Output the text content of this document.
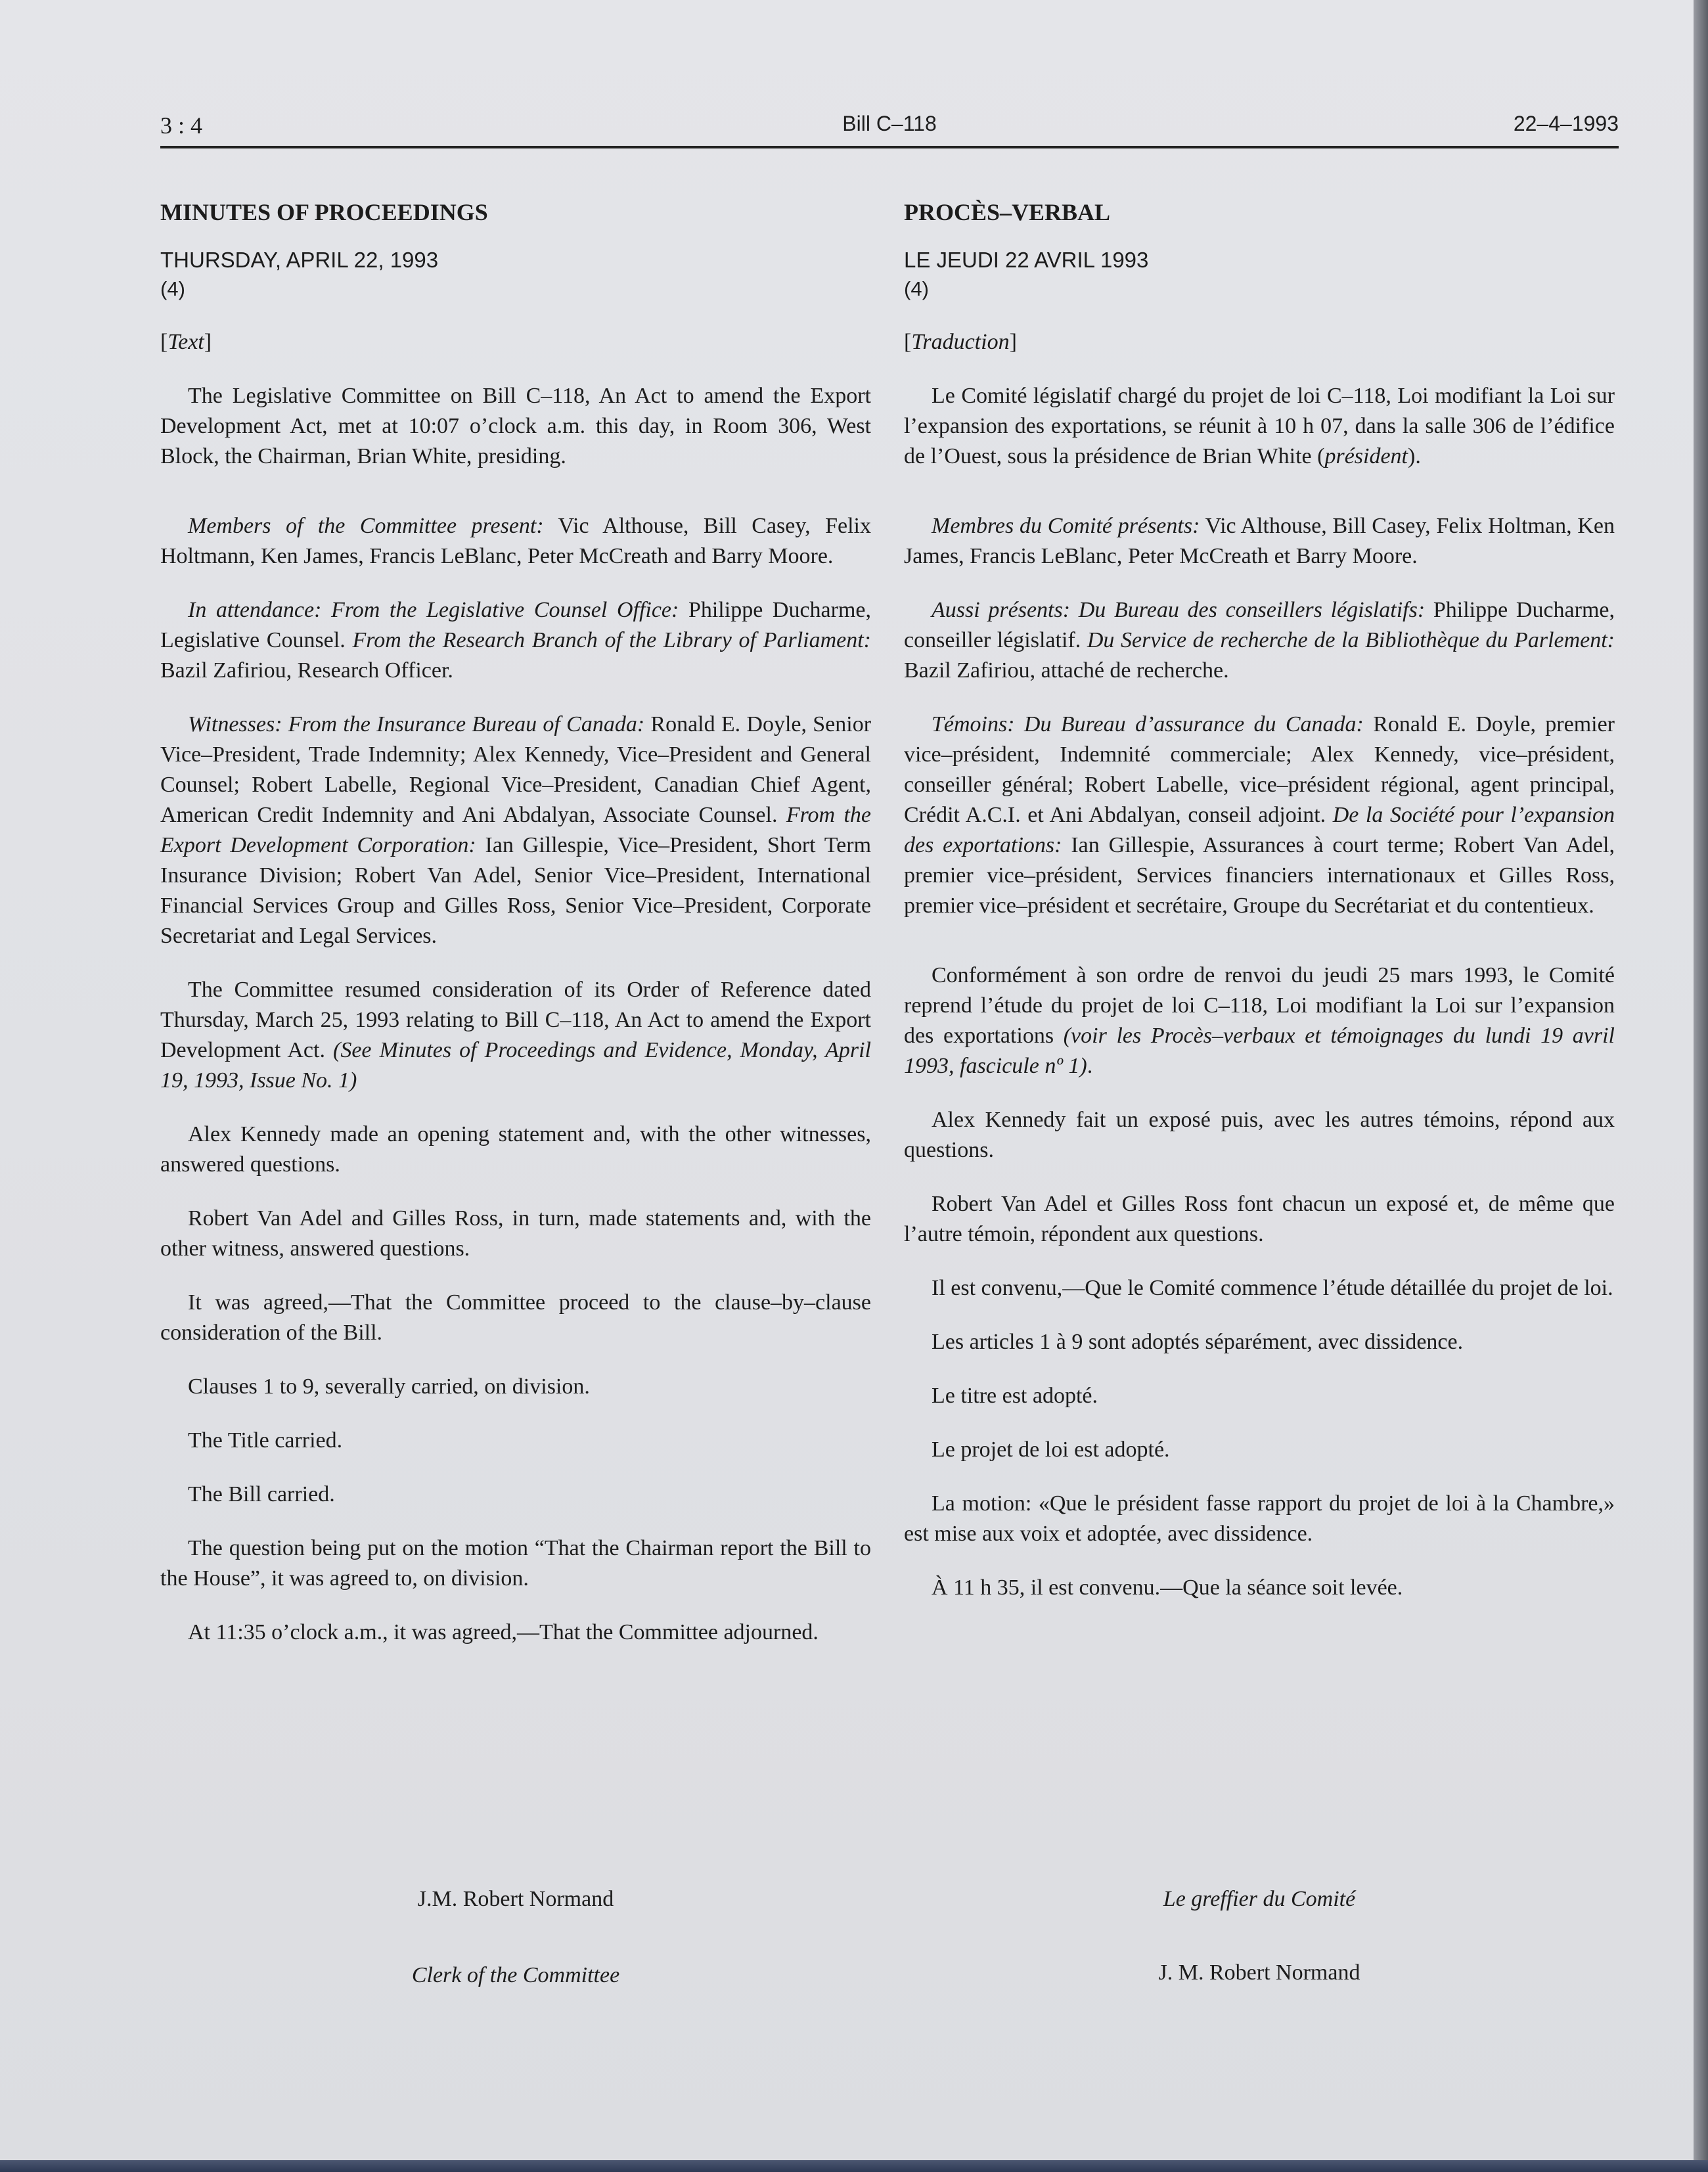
3 : 4	Bill C–118	22–4–1993

MINUTES OF PROCEEDINGS

THURSDAY, APRIL 22, 1993

(4)

[Text]

The Legislative Committee on Bill C–118, An Act to amend the Export Development Act, met at 10:07 o’clock a.m. this day, in Room 306, West Block, the Chairman, Brian White, presiding.

Members of the Committee present: Vic Althouse, Bill Casey, Felix Holtmann, Ken James, Francis LeBlanc, Peter McCreath and Barry Moore.

In attendance: From the Legislative Counsel Office: Philippe Ducharme, Legislative Counsel. From the Research Branch of the Library of Parliament: Bazil Zafiriou, Research Officer.

Witnesses: From the Insurance Bureau of Canada: Ronald E. Doyle, Senior Vice–President, Trade Indemnity; Alex Kennedy, Vice–President and General Counsel; Robert Labelle, Regional Vice–President, Canadian Chief Agent, American Credit Indemnity and Ani Abdalyan, Associate Counsel. From the Export Development Corporation: Ian Gillespie, Vice–President, Short Term Insurance Division; Robert Van Adel, Senior Vice–President, International Financial Services Group and Gilles Ross, Senior Vice–President, Corporate Secretariat and Legal Services.

The Committee resumed consideration of its Order of Reference dated Thursday, March 25, 1993 relating to Bill C–118, An Act to amend the Export Development Act. (See Minutes of Proceedings and Evidence, Monday, April 19, 1993, Issue No. 1)

Alex Kennedy made an opening statement and, with the other witnesses, answered questions.

Robert Van Adel and Gilles Ross, in turn, made statements and, with the other witness, answered questions.

It was agreed,—That the Committee proceed to the clause–by–clause consideration of the Bill.

Clauses 1 to 9, severally carried, on division.

The Title carried.

The Bill carried.

The question being put on the motion “That the Chairman report the Bill to the House”, it was agreed to, on division.

At 11:35 o’clock a.m., it was agreed,—That the Committee adjourned.

PROCÈS–VERBAL

LE JEUDI 22 AVRIL 1993

(4)

[Traduction]

Le Comité législatif chargé du projet de loi C–118, Loi modifiant la Loi sur l’expansion des exportations, se réunit à 10 h 07, dans la salle 306 de l’édifice de l’Ouest, sous la présidence de Brian White (président).

Membres du Comité présents: Vic Althouse, Bill Casey, Felix Holtman, Ken James, Francis LeBlanc, Peter McCreath et Barry Moore.

Aussi présents: Du Bureau des conseillers législatifs: Philippe Ducharme, conseiller législatif. Du Service de recherche de la Bibliothèque du Parlement: Bazil Zafiriou, attaché de recherche.

Témoins: Du Bureau d’assurance du Canada: Ronald E. Doyle, premier vice–président, Indemnité commerciale; Alex Kennedy, vice–président, conseiller général; Robert Labelle, vice–président régional, agent principal, Crédit A.C.I. et Ani Abdalyan, conseil adjoint. De la Société pour l’expansion des exportations: Ian Gillespie, Assurances à court terme; Robert Van Adel, premier vice–président, Services financiers internationaux et Gilles Ross, premier vice–président et secrétaire, Groupe du Secrétariat et du contentieux.

Conformément à son ordre de renvoi du jeudi 25 mars 1993, le Comité reprend l’étude du projet de loi C–118, Loi modifiant la Loi sur l’expansion des exportations (voir les Procès–verbaux et témoignages du lundi 19 avril 1993, fascicule nº 1).

Alex Kennedy fait un exposé puis, avec les autres témoins, répond aux questions.

Robert Van Adel et Gilles Ross font chacun un exposé et, de même que l’autre témoin, répondent aux questions.

Il est convenu,—Que le Comité commence l’étude détaillée du projet de loi.

Les articles 1 à 9 sont adoptés séparément, avec dissidence.

Le titre est adopté.

Le projet de loi est adopté.

La motion: «Que le président fasse rapport du projet de loi à la Chambre,» est mise aux voix et adoptée, avec dissidence.

À 11 h 35, il est convenu.—Que la séance soit levée.

J.M. Robert Normand
Clerk of the Committee
Le greffier du Comité
J. M. Robert Normand
